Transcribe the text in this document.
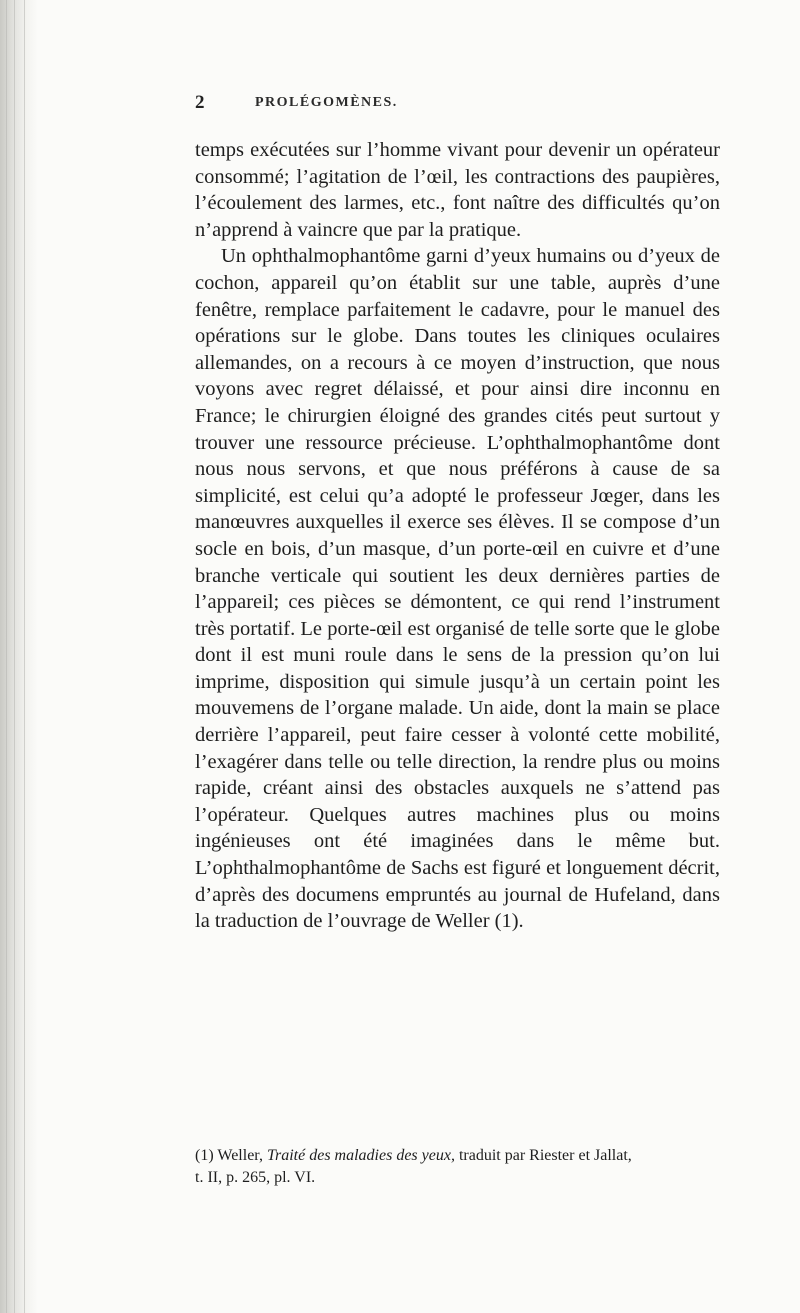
2	PROLÉGOMÈNES.

temps exécutées sur l’homme vivant pour devenir un opérateur consommé; l’agitation de l’œil, les contractions des paupières, l’écoulement des larmes, etc., font naître des difficultés qu’on n’apprend à vaincre que par la pratique.

Un ophthalmophantôme garni d’yeux humains ou d’yeux de cochon, appareil qu’on établit sur une table, auprès d’une fenêtre, remplace parfaitement le cadavre, pour le manuel des opérations sur le globe. Dans toutes les cliniques oculaires allemandes, on a recours à ce moyen d’instruction, que nous voyons avec regret délaissé, et pour ainsi dire inconnu en France; le chirurgien éloigné des grandes cités peut surtout y trouver une ressource précieuse. L’ophthalmophantôme dont nous nous servons, et que nous préférons à cause de sa simplicité, est celui qu’a adopté le professeur Jœger, dans les manœuvres auxquelles il exerce ses élèves. Il se compose d’un socle en bois, d’un masque, d’un porte-œil en cuivre et d’une branche verticale qui soutient les deux dernières parties de l’appareil; ces pièces se démontent, ce qui rend l’instrument très portatif. Le porte-œil est organisé de telle sorte que le globe dont il est muni roule dans le sens de la pression qu’on lui imprime, disposition qui simule jusqu’à un certain point les mouvemens de l’organe malade. Un aide, dont la main se place derrière l’appareil, peut faire cesser à volonté cette mobilité, l’exagérer dans telle ou telle direction, la rendre plus ou moins rapide, créant ainsi des obstacles auxquels ne s’attend pas l’opérateur. Quelques autres machines plus ou moins ingénieuses ont été imaginées dans le même but. L’ophthalmophantôme de Sachs est figuré et longuement décrit, d’après des documens empruntés au journal de Hufeland, dans la traduction de l’ouvrage de Weller (1).

(1) Weller, Traité des maladies des yeux, traduit par Riester et Jallat,
t. II, p. 265, pl. VI.
